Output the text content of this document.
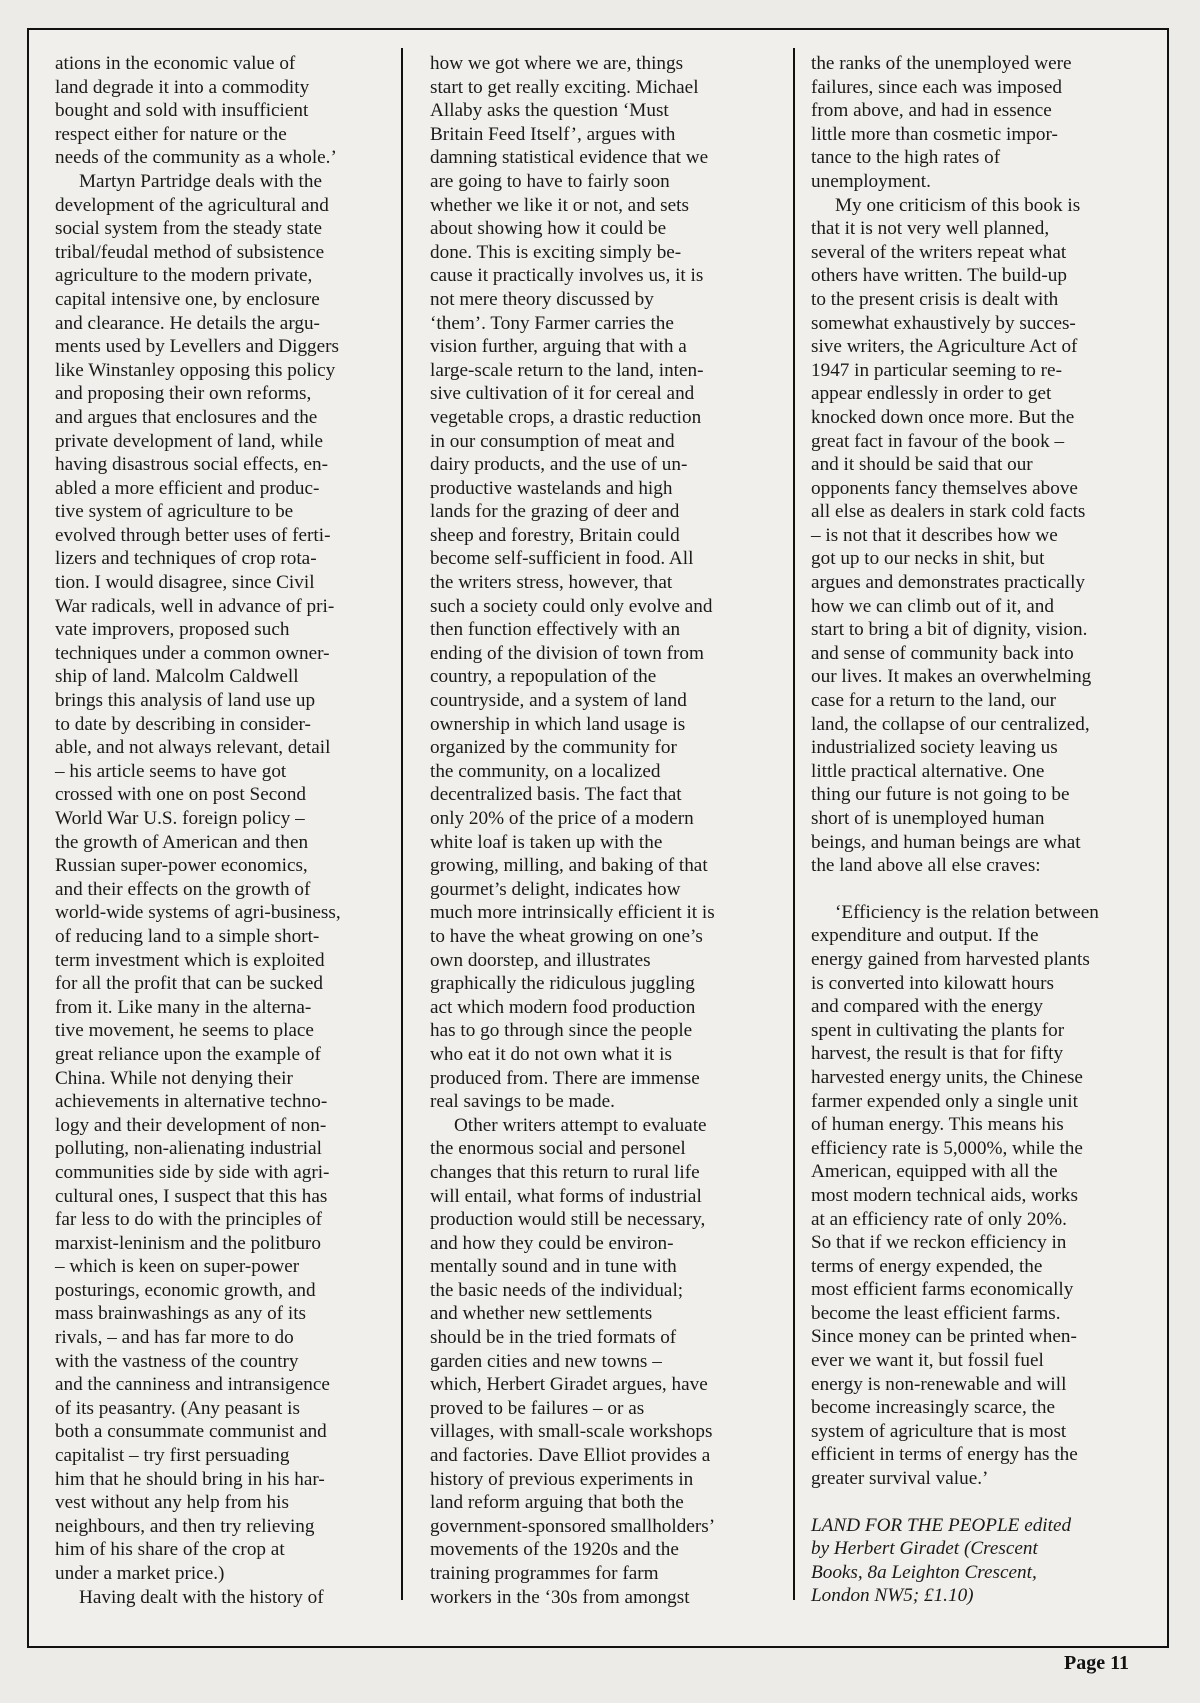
ations in the economic value of
land degrade it into a commodity
bought and sold with insufficient
respect either for nature or the
needs of the community as a whole.’
Martyn Partridge deals with the
development of the agricultural and
social system from the steady state
tribal/feudal method of subsistence
agriculture to the modern private,
capital intensive one, by enclosure
and clearance. He details the argu-
ments used by Levellers and Diggers
like Winstanley opposing this policy
and proposing their own reforms,
and argues that enclosures and the
private development of land, while
having disastrous social effects, en-
abled a more efficient and produc-
tive system of agriculture to be
evolved through better uses of ferti-
lizers and techniques of crop rota-
tion. I would disagree, since Civil
War radicals, well in advance of pri-
vate improvers, proposed such
techniques under a common owner-
ship of land. Malcolm Caldwell
brings this analysis of land use up
to date by describing in consider-
able, and not always relevant, detail
– his article seems to have got
crossed with one on post Second
World War U.S. foreign policy –
the growth of American and then
Russian super-power economics,
and their effects on the growth of
world-wide systems of agri-business,
of reducing land to a simple short-
term investment which is exploited
for all the profit that can be sucked
from it. Like many in the alterna-
tive movement, he seems to place
great reliance upon the example of
China. While not denying their
achievements in alternative techno-
logy and their development of non-
polluting, non-alienating industrial
communities side by side with agri-
cultural ones, I suspect that this has
far less to do with the principles of
marxist-leninism and the politburo
– which is keen on super-power
posturings, economic growth, and
mass brainwashings as any of its
rivals, – and has far more to do
with the vastness of the country
and the canniness and intransigence
of its peasantry. (Any peasant is
both a consummate communist and
capitalist – try first persuading
him that he should bring in his har-
vest without any help from his
neighbours, and then try relieving
him of his share of the crop at
under a market price.)
Having dealt with the history of
how we got where we are, things
start to get really exciting. Michael
Allaby asks the question ‘Must
Britain Feed Itself’, argues with
damning statistical evidence that we
are going to have to fairly soon
whether we like it or not, and sets
about showing how it could be
done. This is exciting simply be-
cause it practically involves us, it is
not mere theory discussed by
‘them’. Tony Farmer carries the
vision further, arguing that with a
large-scale return to the land, inten-
sive cultivation of it for cereal and
vegetable crops, a drastic reduction
in our consumption of meat and
dairy products, and the use of un-
productive wastelands and high
lands for the grazing of deer and
sheep and forestry, Britain could
become self-sufficient in food. All
the writers stress, however, that
such a society could only evolve and
then function effectively with an
ending of the division of town from
country, a repopulation of the
countryside, and a system of land
ownership in which land usage is
organized by the community for
the community, on a localized
decentralized basis. The fact that
only 20% of the price of a modern
white loaf is taken up with the
growing, milling, and baking of that
gourmet’s delight, indicates how
much more intrinsically efficient it is
to have the wheat growing on one’s
own doorstep, and illustrates
graphically the ridiculous juggling
act which modern food production
has to go through since the people
who eat it do not own what it is
produced from. There are immense
real savings to be made.
Other writers attempt to evaluate
the enormous social and personel
changes that this return to rural life
will entail, what forms of industrial
production would still be necessary,
and how they could be environ-
mentally sound and in tune with
the basic needs of the individual;
and whether new settlements
should be in the tried formats of
garden cities and new towns –
which, Herbert Giradet argues, have
proved to be failures – or as
villages, with small-scale workshops
and factories. Dave Elliot provides a
history of previous experiments in
land reform arguing that both the
government-sponsored smallholders’
movements of the 1920s and the
training programmes for farm
workers in the ‘30s from amongst
the ranks of the unemployed were
failures, since each was imposed
from above, and had in essence
little more than cosmetic impor-
tance to the high rates of
unemployment.
My one criticism of this book is
that it is not very well planned,
several of the writers repeat what
others have written. The build-up
to the present crisis is dealt with
somewhat exhaustively by succes-
sive writers, the Agriculture Act of
1947 in particular seeming to re-
appear endlessly in order to get
knocked down once more. But the
great fact in favour of the book –
and it should be said that our
opponents fancy themselves above
all else as dealers in stark cold facts
– is not that it describes how we
got up to our necks in shit, but
argues and demonstrates practically
how we can climb out of it, and
start to bring a bit of dignity, vision.
and sense of community back into
our lives. It makes an overwhelming
case for a return to the land, our
land, the collapse of our centralized,
industrialized society leaving us
little practical alternative. One
thing our future is not going to be
short of is unemployed human
beings, and human beings are what
the land above all else craves:
‘Efficiency is the relation between
expenditure and output. If the
energy gained from harvested plants
is converted into kilowatt hours
and compared with the energy
spent in cultivating the plants for
harvest, the result is that for fifty
harvested energy units, the Chinese
farmer expended only a single unit
of human energy. This means his
efficiency rate is 5,000%, while the
American, equipped with all the
most modern technical aids, works
at an efficiency rate of only 20%.
So that if we reckon efficiency in
terms of energy expended, the
most efficient farms economically
become the least efficient farms.
Since money can be printed when-
ever we want it, but fossil fuel
energy is non-renewable and will
become increasingly scarce, the
system of agriculture that is most
efficient in terms of energy has the
greater survival value.’
LAND FOR THE PEOPLE edited
by Herbert Giradet (Crescent
Books, 8a Leighton Crescent,
London NW5; £1.10)
Page 11
